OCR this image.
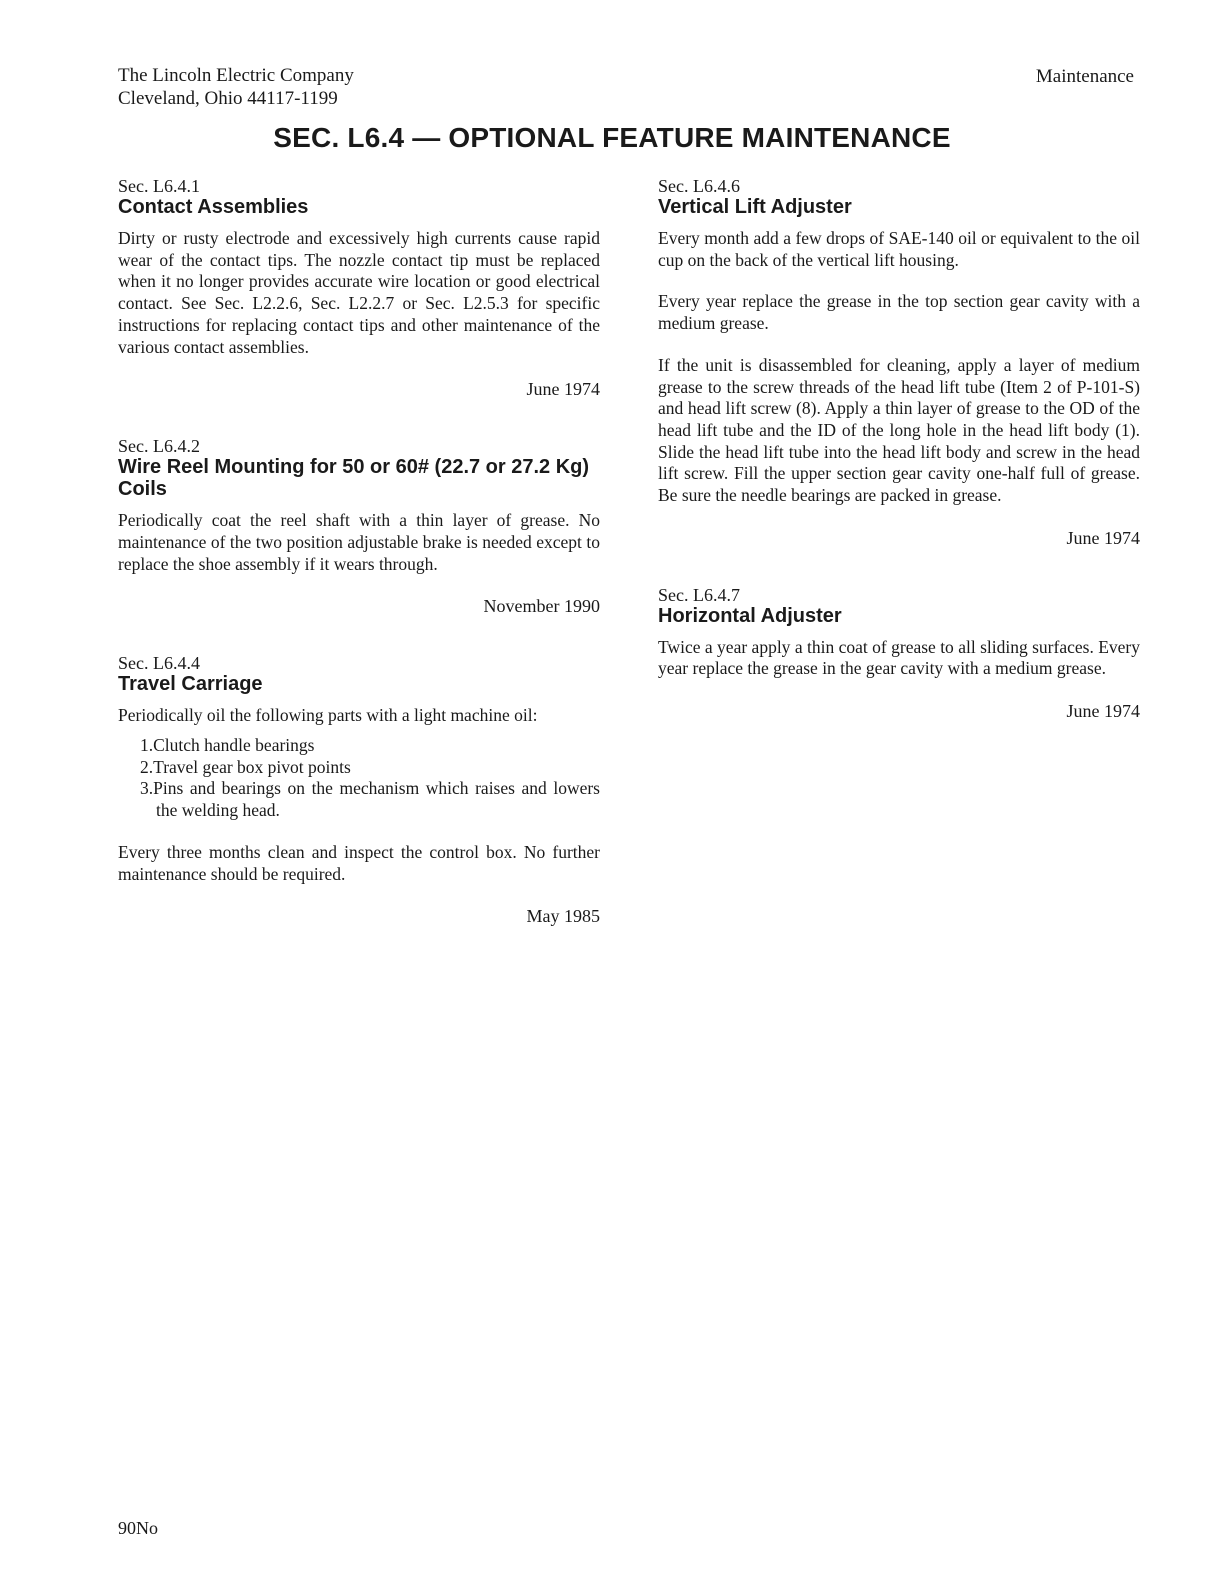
The Lincoln Electric Company
Cleveland, Ohio 44117-1199
Maintenance
SEC. L6.4 — OPTIONAL FEATURE MAINTENANCE
Sec. L6.4.1
Contact Assemblies

Dirty or rusty electrode and excessively high currents cause rapid wear of the contact tips. The nozzle contact tip must be replaced when it no longer provides accurate wire location or good electrical contact. See Sec. L2.2.6, Sec. L2.2.7 or Sec. L2.5.3 for specific instructions for replacing contact tips and other maintenance of the various contact assemblies.

June 1974
Sec. L6.4.2
Wire Reel Mounting for 50 or 60# (22.7 or 27.2 Kg) Coils

Periodically coat the reel shaft with a thin layer of grease. No maintenance of the two position adjustable brake is needed except to replace the shoe assembly if it wears through.

November 1990
Sec. L6.4.4
Travel Carriage

Periodically oil the following parts with a light machine oil:

1.Clutch handle bearings
2.Travel gear box pivot points
3.Pins and bearings on the mechanism which raises and lowers the welding head.

Every three months clean and inspect the control box. No further maintenance should be required.

May 1985
Sec. L6.4.6
Vertical Lift Adjuster

Every month add a few drops of SAE-140 oil or equivalent to the oil cup on the back of the vertical lift housing.

Every year replace the grease in the top section gear cavity with a medium grease.

If the unit is disassembled for cleaning, apply a layer of medium grease to the screw threads of the head lift tube (Item 2 of P-101-S) and head lift screw (8). Apply a thin layer of grease to the OD of the head lift tube and the ID of the long hole in the head lift body (1). Slide the head lift tube into the head lift body and screw in the head lift screw. Fill the upper section gear cavity one-half full of grease. Be sure the needle bearings are packed in grease.

June 1974
Sec. L6.4.7
Horizontal Adjuster

Twice a year apply a thin coat of grease to all sliding surfaces. Every year replace the grease in the gear cavity with a medium grease.

June 1974
90No
